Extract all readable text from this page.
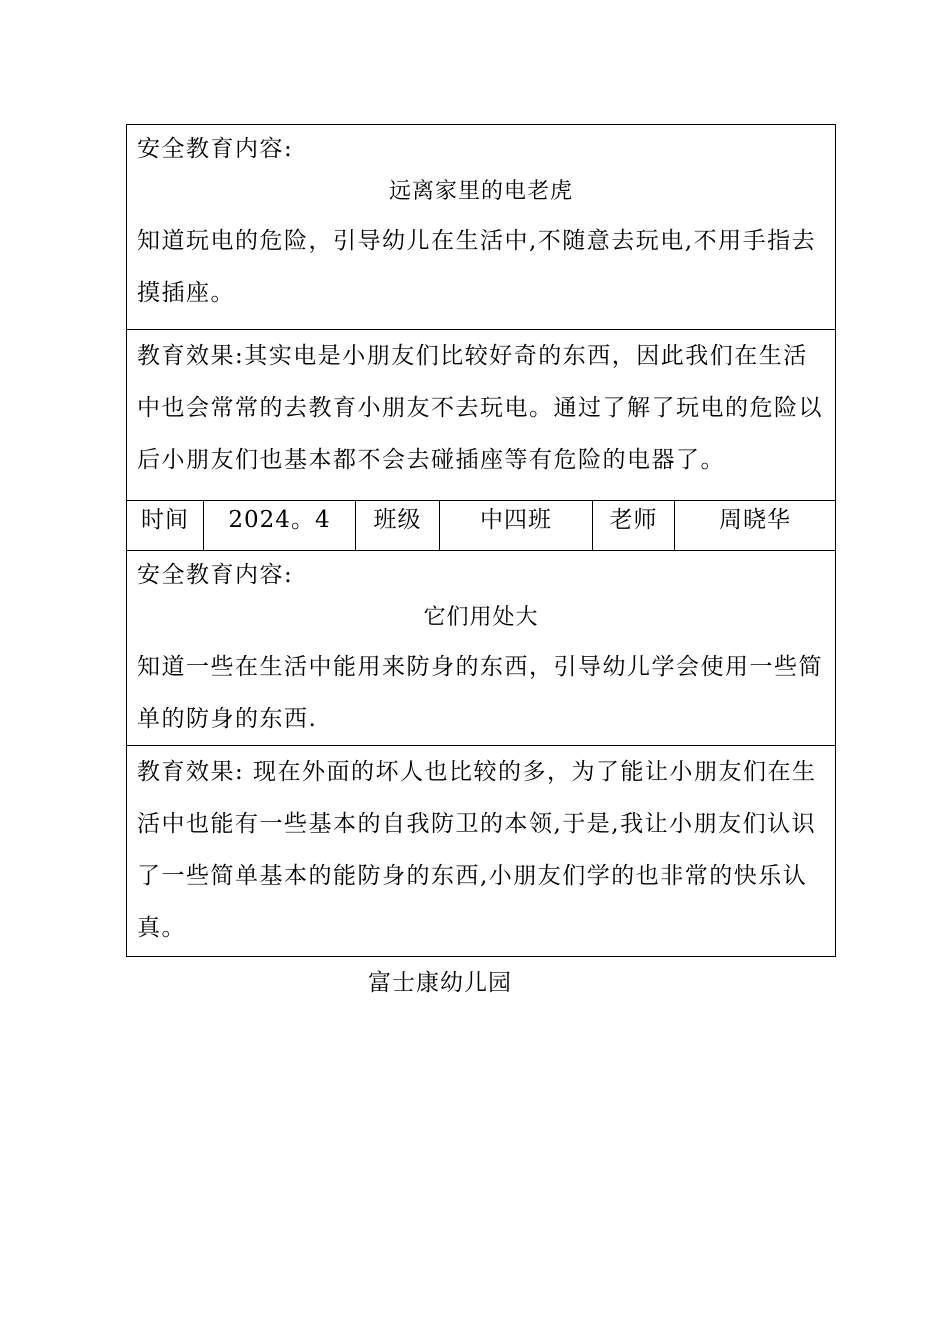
安全教育内容:
远离家里的电老虎
知道玩电的危险，引导幼儿在生活中,不随意去玩电,不用手指去摸插座。

教育效果:其实电是小朋友们比较好奇的东西，因此我们在生活中也会常常的去教育小朋友不去玩电。通过了解了玩电的危险以后小朋友们也基本都不会去碰插座等有危险的电器了。

时间	2024。4	班级	中四班	老师	周晓华

安全教育内容:
它们用处大
知道一些在生活中能用来防身的东西，引导幼儿学会使用一些简单的防身的东西.

教育效果: 现在外面的坏人也比较的多，为了能让小朋友们在生活中也能有一些基本的自我防卫的本领,于是,我让小朋友们认识了一些简单基本的能防身的东西,小朋友们学的也非常的快乐认真。
富士康幼儿园
